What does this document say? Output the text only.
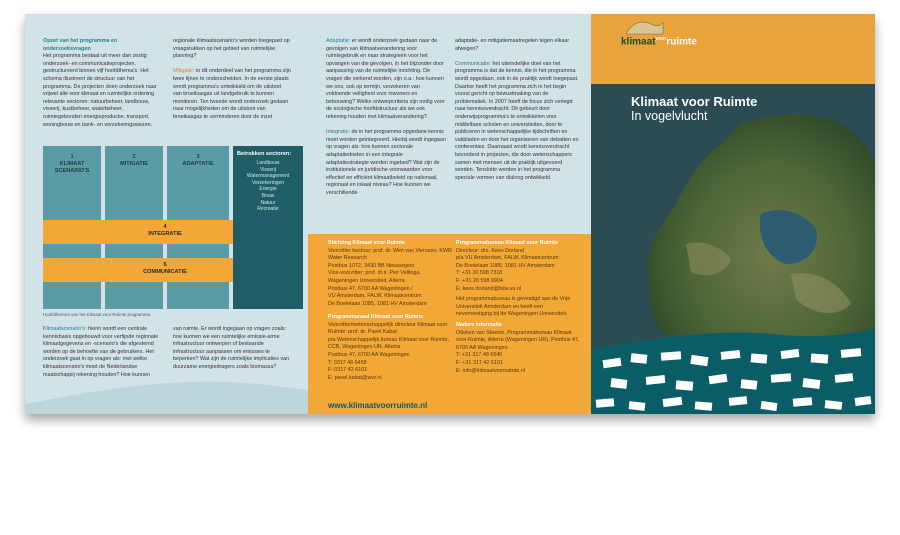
Opzet van het programma en onderzoeksvragen
Het programma bestaat uit meer dan zestig onderzoek- en communicatieprojecten, gestructureerd binnen vijf hoofdthema's. Het schema illustreert de structuur van het programma. De projecten doen onderzoek naar vrijwel alle voor klimaat en ruimtelijke ordening relevante sectoren: natuurbeheer, landbouw, visserij, kustbeheer, waterbeheer, ruimtegebonden energieproductie, transport, woningbouw en bank- en verzekeringswezen.
regionale klimaatscenario's worden toegepast op vraagstukken op het gebied van ruimtelijke planning?

Mitigatie: in dit onderdeel van het programma zijn twee lijnen te onderscheiden. In de eerste plaats wordt programma's ontwikkeld om de uitstoot van broeikasgas uit landgebruik te kunnen monitoren. Ten tweede wordt onderzoek gedaan naar mogelijkheden om de uitstoot van broeikasgas te verminderen door de inzet
1
KLIMAAT
SCENARIO'S
2
MITIGATIE
3
ADAPTATIE
4
INTEGRATIE
5
COMMUNICATIE
Betrokken sectoren:
Landbouw
Visserij
Watermanagement
Verzekeringen
Energie
Bouw
Natuur
Recreatie
Hoofdthema's van het Klimaat voor Ruimte programma
Klimaatscenario's: hierin wordt een centrale kennisbasis opgebouwd voor verfijnde regionale klimaatgegevens en -scenario's die afgestemd worden op de behoefte van de gebruikers. Het onderzoek gaat in op vragen als: met welke klimaatscenario's moet de Nederlandse maatschappij rekening houden? Hoe kunnen
van ruimte. Er wordt ingegaan op vragen zoals: hoe kunnen we een ruimtelijke emissie-arme infrastructuur ontwerpen of bestaande infrastructuur aanpassen om emissies te beperken? Wat zijn de ruimtelijke implicaties van duurzame energiedragers zoals biomassa?
Adaptatie: er wordt onderzoek gedaan naar de gevolgen van klimaatverandering voor ruimtegebruik en naar strategieën voor het opvangen van die gevolgen, in het bijzonder door aanpassing van de ruimtelijke inrichting. De vragen die verkend worden, zijn o.a.: hoe kunnen we ons, ook op termijn, verzekeren van voldoende veiligheid voor inwoners en bebouwing? Welke ontwerpcriteria zijn nodig voor de ecologische hoofdstructuur als we ook rekening houden met klimaatverandering?

Integratie: de in het programma opgedane kennis moet worden geïntegreerd. Hierbij wordt ingegaan op vragen als: hoe kunnen sectorale adaptatiedoelen in een integrale adaptatiestrategie worden ingebed? Wat zijn de institutionele en juridische voorwaarden voor effectief en efficiënt klimaatbeleid op nationaal, regionaal en lokaal niveau? Hoe kunnen we verschillende
adaptatie- en mitigatiemaatregelen tegen elkaar afwegen?

Communicatie: het uiteindelijke doel van het programma is dat de kennis, die in het programma wordt opgedaan, ook in de praktijk wordt toegepast. Daartoe heeft het programma zich in het begin vooral gericht op bewustmaking van de problematiek. In 2007 heeft de focus zich verlegd naar kennisoverdracht. Dit gebeurt door onderwijsprogramma's te ontwikkelen voor middelbare scholen en universiteiten, door te publiceren in wetenschappelijke tijdschriften en vakbladen en door het organiseren van debatten en conferenties. Daarnaast wordt kennisoverdracht bevorderd in projecten, die door wetenschappers samen met mensen uit de praktijk uitgevoerd worden. Tenslotte worden in het programma speciale vormen van dialoog ontwikkeld.
Stichting Klimaat voor Ruimte
Voorzitter bestuur: prof. dr. Wim van Vierssen, KWR Water Research
Postbus 1072, 3430 BB Nieuwegein
Vice-voorzitter: prof. dr.ir. Pier Vellinga, Wageningen Universiteit, Alterra
Postbus 47, 6700 AA Wageningen /
VU Amsterdam, FALW, Klimaatcentrum
De Boelelaan 1085, 1081 HV Amsterdam
Programmaraad Klimaat voor Ruimte
Voorzitter/wetenschappelijk directeur Klimaat voor Ruimte: prof. dr. Pavel Kabat
p/a Wetenschappelijk bureau Klimaat voor Ruimte, CCB, Wageningen UR, Alterra
Postbus 47, 6700 AA Wageningen
T: 0317 48 6458
F: 0317 42 6101
E: pavel.kabat@wur.nl
Programmabureau Klimaat voor Ruimte
Directeur: drs. Kees Dorland
p/a VU Amsterdam, FALW, Klimaatcentrum
De Boelelaan 1085, 1081 HV Amsterdam
T: +31 20 598 7318
F: +31 20 598 9904
E: kees.dorland@falw.vu.nl
Het programmabureau is gevestigd aan de Vrije Universiteit Amsterdam en heeft een nevenvestiging bij de Wageningen Universiteit.
Nadere informatie
Ottelien van Steenis, Programmabureau Klimaat voor Ruimte, Alterra (Wageningen UR), Postbus 47, 6700 AA Wageningen
T: +31 317 48 6540
F: +31 317 42 6101
E: info@klimaatvoorruimte.nl
www.klimaatvoorruimte.nl
klimaat$^{voor}$ruimte
Klimaat voor Ruimte
In vogelvlucht
